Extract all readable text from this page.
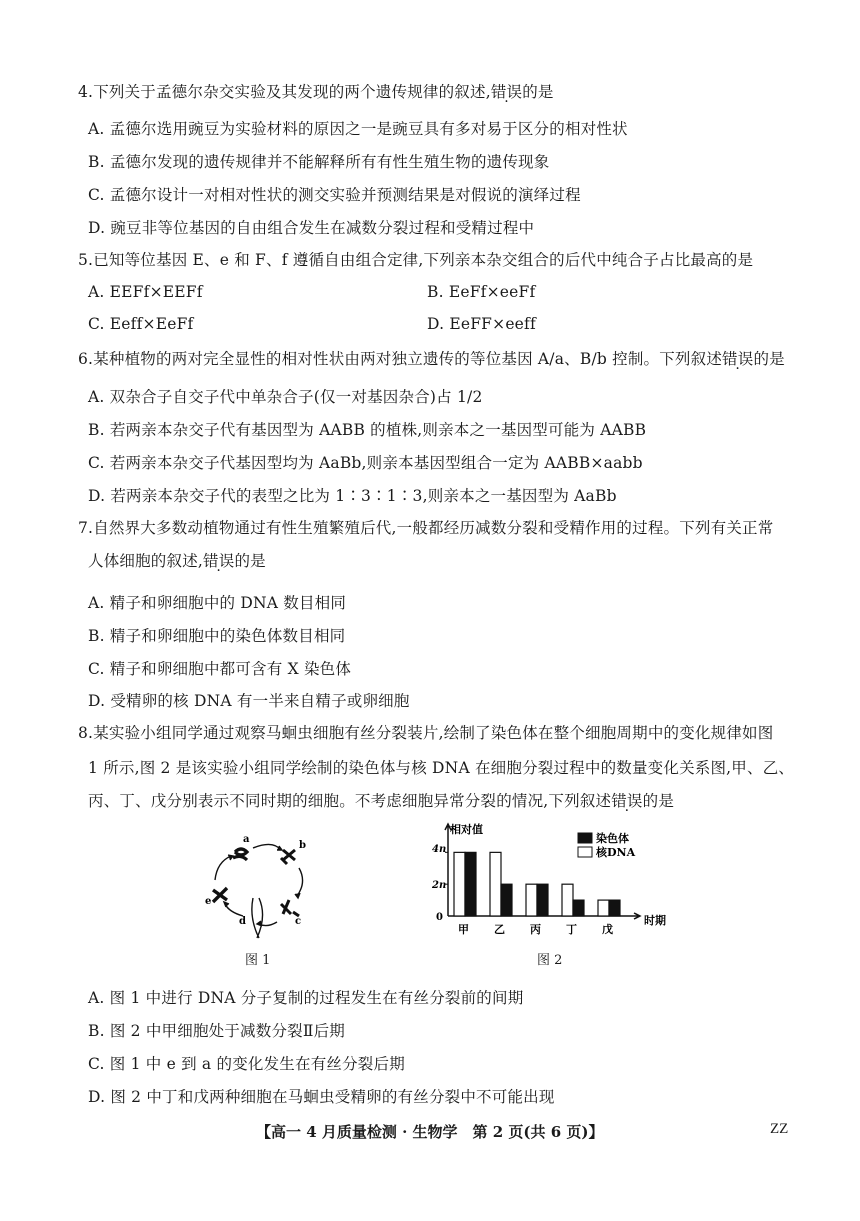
4.下列关于孟德尔杂交实验及其发现的两个遗传规律的叙述,错误的是
A. 孟德尔选用豌豆为实验材料的原因之一是豌豆具有多对易于区分的相对性状
B. 孟德尔发现的遗传规律并不能解释所有有性生殖生物的遗传现象
C. 孟德尔设计一对相对性状的测交实验并预测结果是对假说的演绎过程
D. 豌豆非等位基因的自由组合发生在减数分裂过程和受精过程中
5.已知等位基因 E、e 和 F、f 遵循自由组合定律,下列亲本杂交组合的后代中纯合子占比最高的是
A. EEFf×EEFf	B. EeFf×eeFf
C. Eeff×EeFf	D. EeFF×eeff
6.某种植物的两对完全显性的相对性状由两对独立遗传的等位基因 A/a、B/b 控制。下列叙述错误的是
A. 双杂合子自交子代中单杂合子(仅一对基因杂合)占 1/2
B. 若两亲本杂交子代有基因型为 AABB 的植株,则亲本之一基因型可能为 AABB
C. 若两亲本杂交子代基因型均为 AaBb,则亲本基因型组合一定为 AABB×aabb
D. 若两亲本杂交子代的表型之比为 1∶3∶1∶3,则亲本之一基因型为 AaBb
7.自然界大多数动植物通过有性生殖繁殖后代,一般都经历减数分裂和受精作用的过程。下列有关正常
人体细胞的叙述,错误的是
A. 精子和卵细胞中的 DNA 数目相同
B. 精子和卵细胞中的染色体数目相同
C. 精子和卵细胞中都可含有 X 染色体
D. 受精卵的核 DNA 有一半来自精子或卵细胞
8.某实验小组同学通过观察马蛔虫细胞有丝分裂装片,绘制了染色体在整个细胞周期中的变化规律如图
1 所示,图 2 是该实验小组同学绘制的染色体与核 DNA 在细胞分裂过程中的数量变化关系图,甲、乙、
丙、丁、戊分别表示不同时期的细胞。不考虑细胞异常分裂的情况,下列叙述错误的是
a
b
c
d
e
图 1
相对值
4n
2n
0	时期
甲 乙 丙 丁 戊
染色体
核DNA
图 2
A. 图 1 中进行 DNA 分子复制的过程发生在有丝分裂前的间期
B. 图 2 中甲细胞处于减数分裂Ⅱ后期
C. 图 1 中 e 到 a 的变化发生在有丝分裂后期
D. 图 2 中丁和戊两种细胞在马蛔虫受精卵的有丝分裂中不可能出现
【高一 4 月质量检测 · 生物学　第 2 页(共 6 页)】	ZZ
